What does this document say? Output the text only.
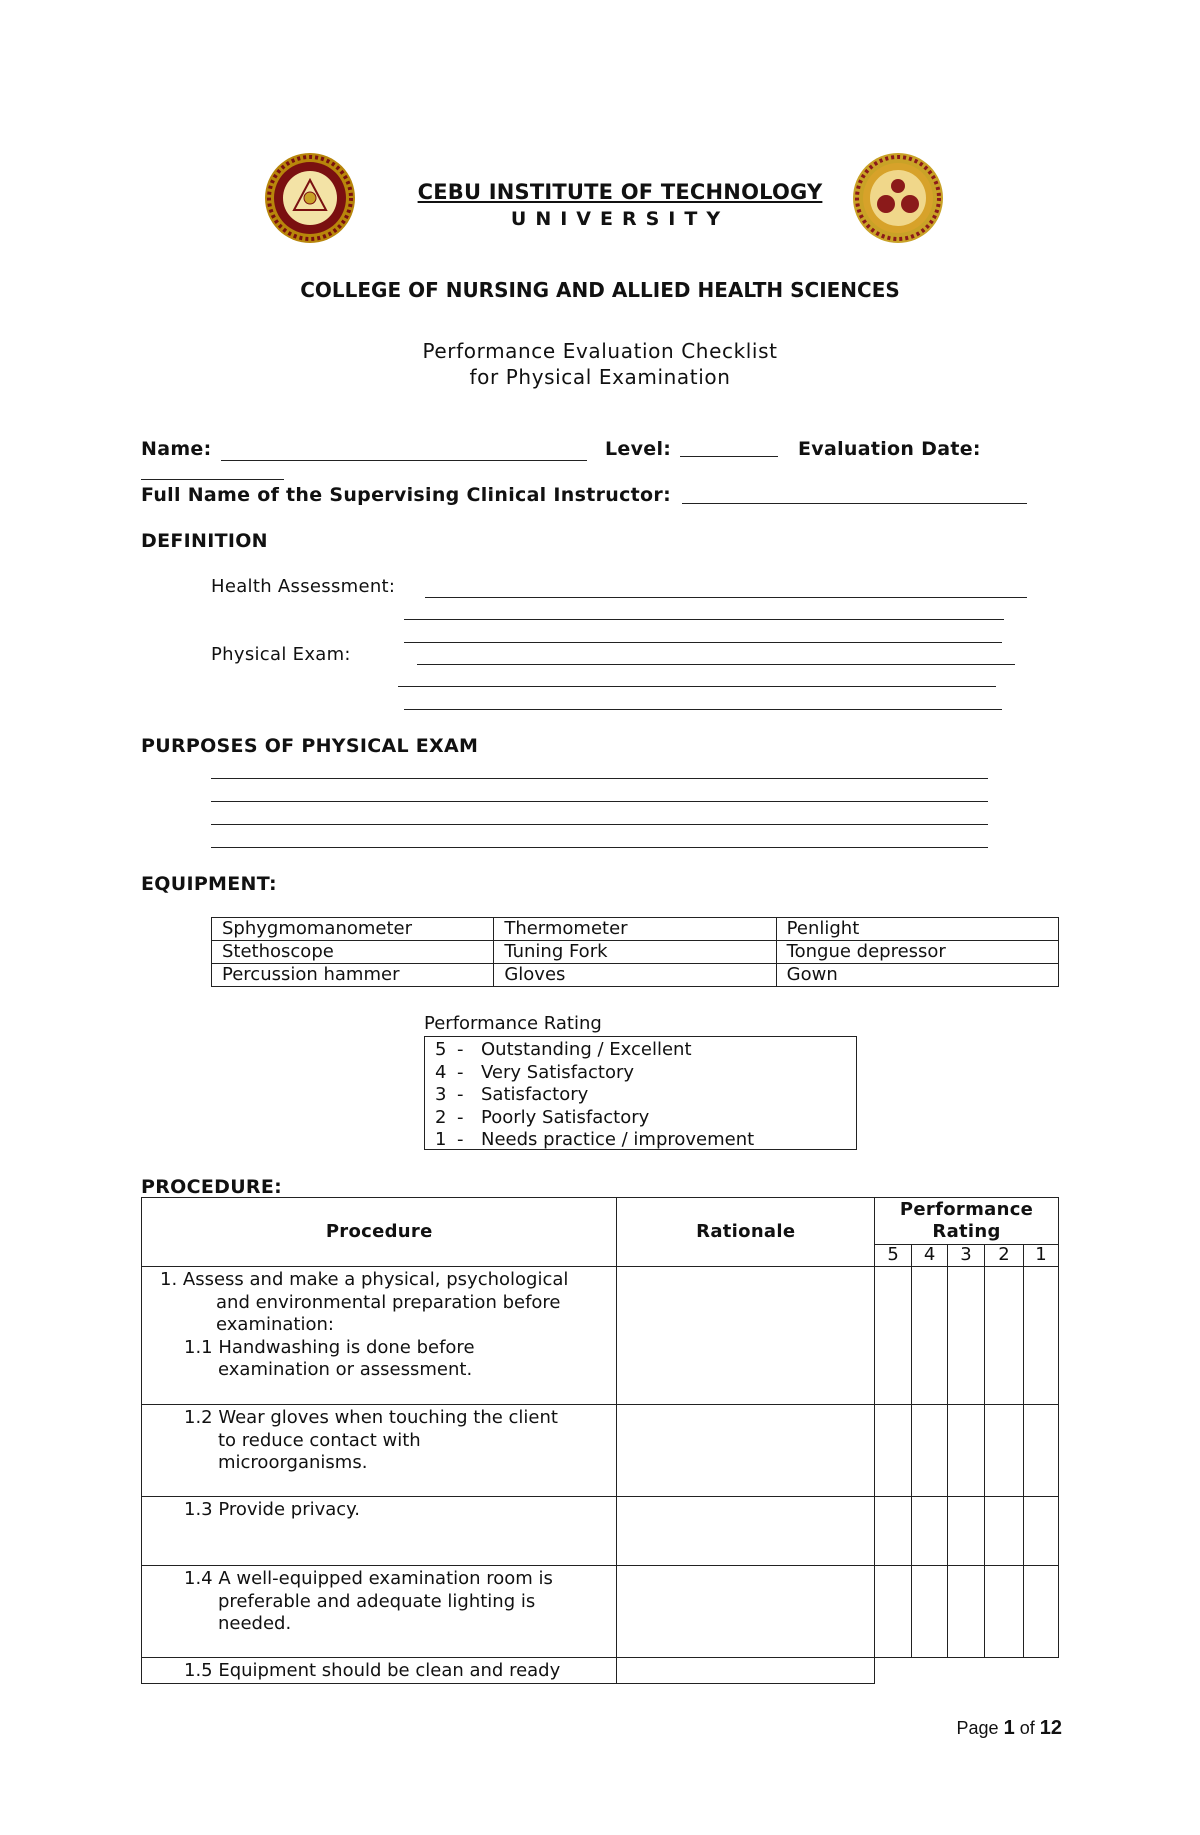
CEBU INSTITUTE OF TECHNOLOGY
UNIVERSITY
COLLEGE OF NURSING AND ALLIED HEALTH SCIENCES
Performance Evaluation Checklist
for Physical Examination
Name:	Level:	Evaluation Date:
Full Name of the Supervising Clinical Instructor:
DEFINITION
Health Assessment:
Physical Exam:
PURPOSES OF PHYSICAL EXAM
EQUIPMENT:
Sphygmomanometer	Thermometer	Penlight
Stethoscope	Tuning Fork	Tongue depressor
Percussion hammer	Gloves	Gown
Performance Rating
5 - Outstanding / Excellent
4 - Very Satisfactory
3 - Satisfactory
2 - Poorly Satisfactory
1 - Needs practice / improvement
PROCEDURE:
Procedure	Rationale	Performance
Rating				

		5	4	3	2	1

1. Assess and make a physical, psychological
and environmental preparation before
examination:
1.1 Handwashing is done before
examination or assessment.						

1.2 Wear gloves when touching the client
to reduce contact with
microorganisms.						

1.3 Provide privacy.						

1.4 A well-equipped examination room is
preferable and adequate lighting is
needed.						

1.5 Equipment should be clean and ready						

Page 1 of 12
